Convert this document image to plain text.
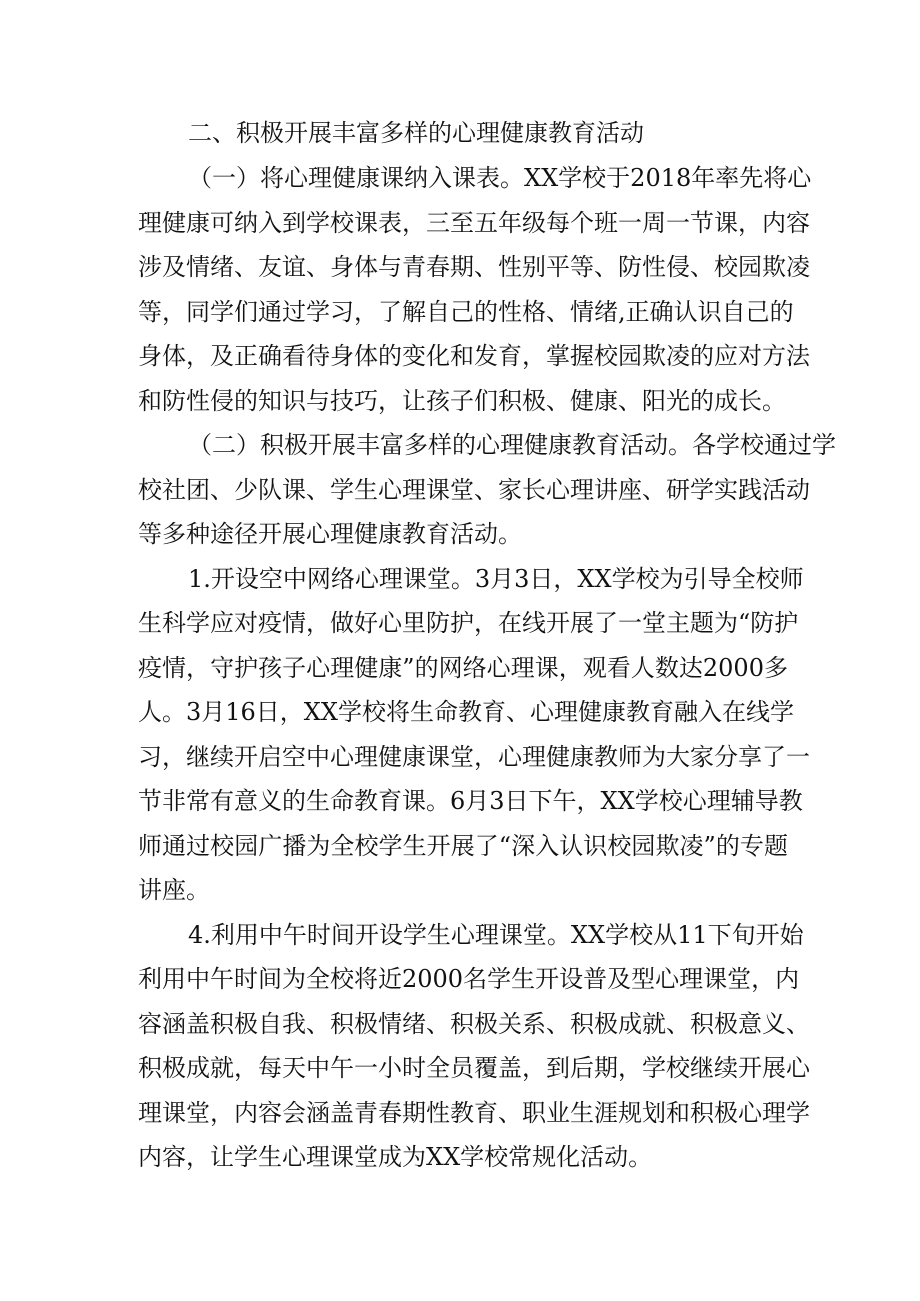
二、积极开展丰富多样的心理健康教育活动

（一）将心理健康课纳入课表。XX学校于2018年率先将心

理健康可纳入到学校课表，三至五年级每个班一周一节课，内容

涉及情绪、友谊、身体与青春期、性别平等、防性侵、校园欺凌

等，同学们通过学习，了解自己的性格、情绪,正确认识自己的

身体，及正确看待身体的变化和发育，掌握校园欺凌的应对方法

和防性侵的知识与技巧，让孩子们积极、健康、阳光的成长。

（二）积极开展丰富多样的心理健康教育活动。各学校通过学

校社团、少队课、学生心理课堂、家长心理讲座、研学实践活动

等多种途径开展心理健康教育活动。

1.开设空中网络心理课堂。3月3日，XX学校为引导全校师

生科学应对疫情，做好心里防护，在线开展了一堂主题为“防护

疫情，守护孩子心理健康”的网络心理课，观看人数达2000多

人。3月16日，XX学校将生命教育、心理健康教育融入在线学

习，继续开启空中心理健康课堂，心理健康教师为大家分享了一

节非常有意义的生命教育课。6月3日下午，XX学校心理辅导教

师通过校园广播为全校学生开展了“深入认识校园欺凌”的专题

讲座。

4.利用中午时间开设学生心理课堂。XX学校从11下旬开始

利用中午时间为全校将近2000名学生开设普及型心理课堂，内

容涵盖积极自我、积极情绪、积极关系、积极成就、积极意义、

积极成就，每天中午一小时全员覆盖，到后期，学校继续开展心

理课堂，内容会涵盖青春期性教育、职业生涯规划和积极心理学

内容，让学生心理课堂成为XX学校常规化活动。
